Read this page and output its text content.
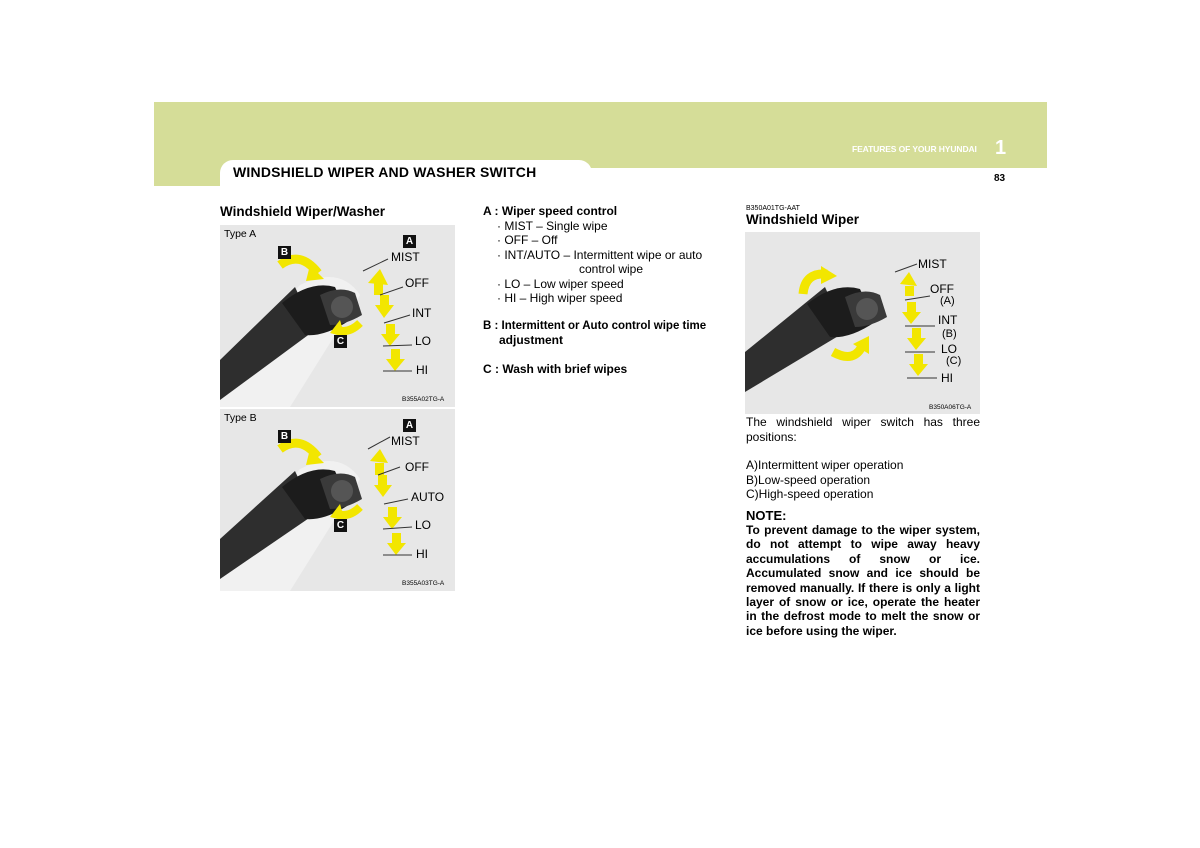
WINDSHIELD WIPER AND WASHER SWITCH
FEATURES OF YOUR HYUNDAI 1
83
Windshield Wiper/Washer
Type A
B
A
C
MIST
OFF
INT
LO
HI
B355A02TG-A
Type B
B
A
C
MIST
OFF
AUTO
LO
HI
B355A03TG-A
A : Wiper speed control
· MIST – Single wipe
· OFF – Off
· INT/AUTO – Intermittent wipe or auto
control wipe
· LO – Low wiper speed
· HI – High wiper speed
B : Intermittent or Auto control wipe time
adjustment
C : Wash with brief wipes
B350A01TG-AAT
Windshield Wiper
MIST
OFF
(A)
INT
(B)
LO
(C)
HI
B350A06TG-A
The windshield wiper switch has three positions:
A)Intermittent wiper operation
B)Low-speed operation
C)High-speed operation
NOTE:
To prevent damage to the wiper system, do not attempt to wipe away heavy accumulations of snow or ice. Accumulated snow and ice should be removed manually. If there is only a light layer of snow or ice, operate the heater in the defrost mode to melt the snow or ice before using the wiper.
